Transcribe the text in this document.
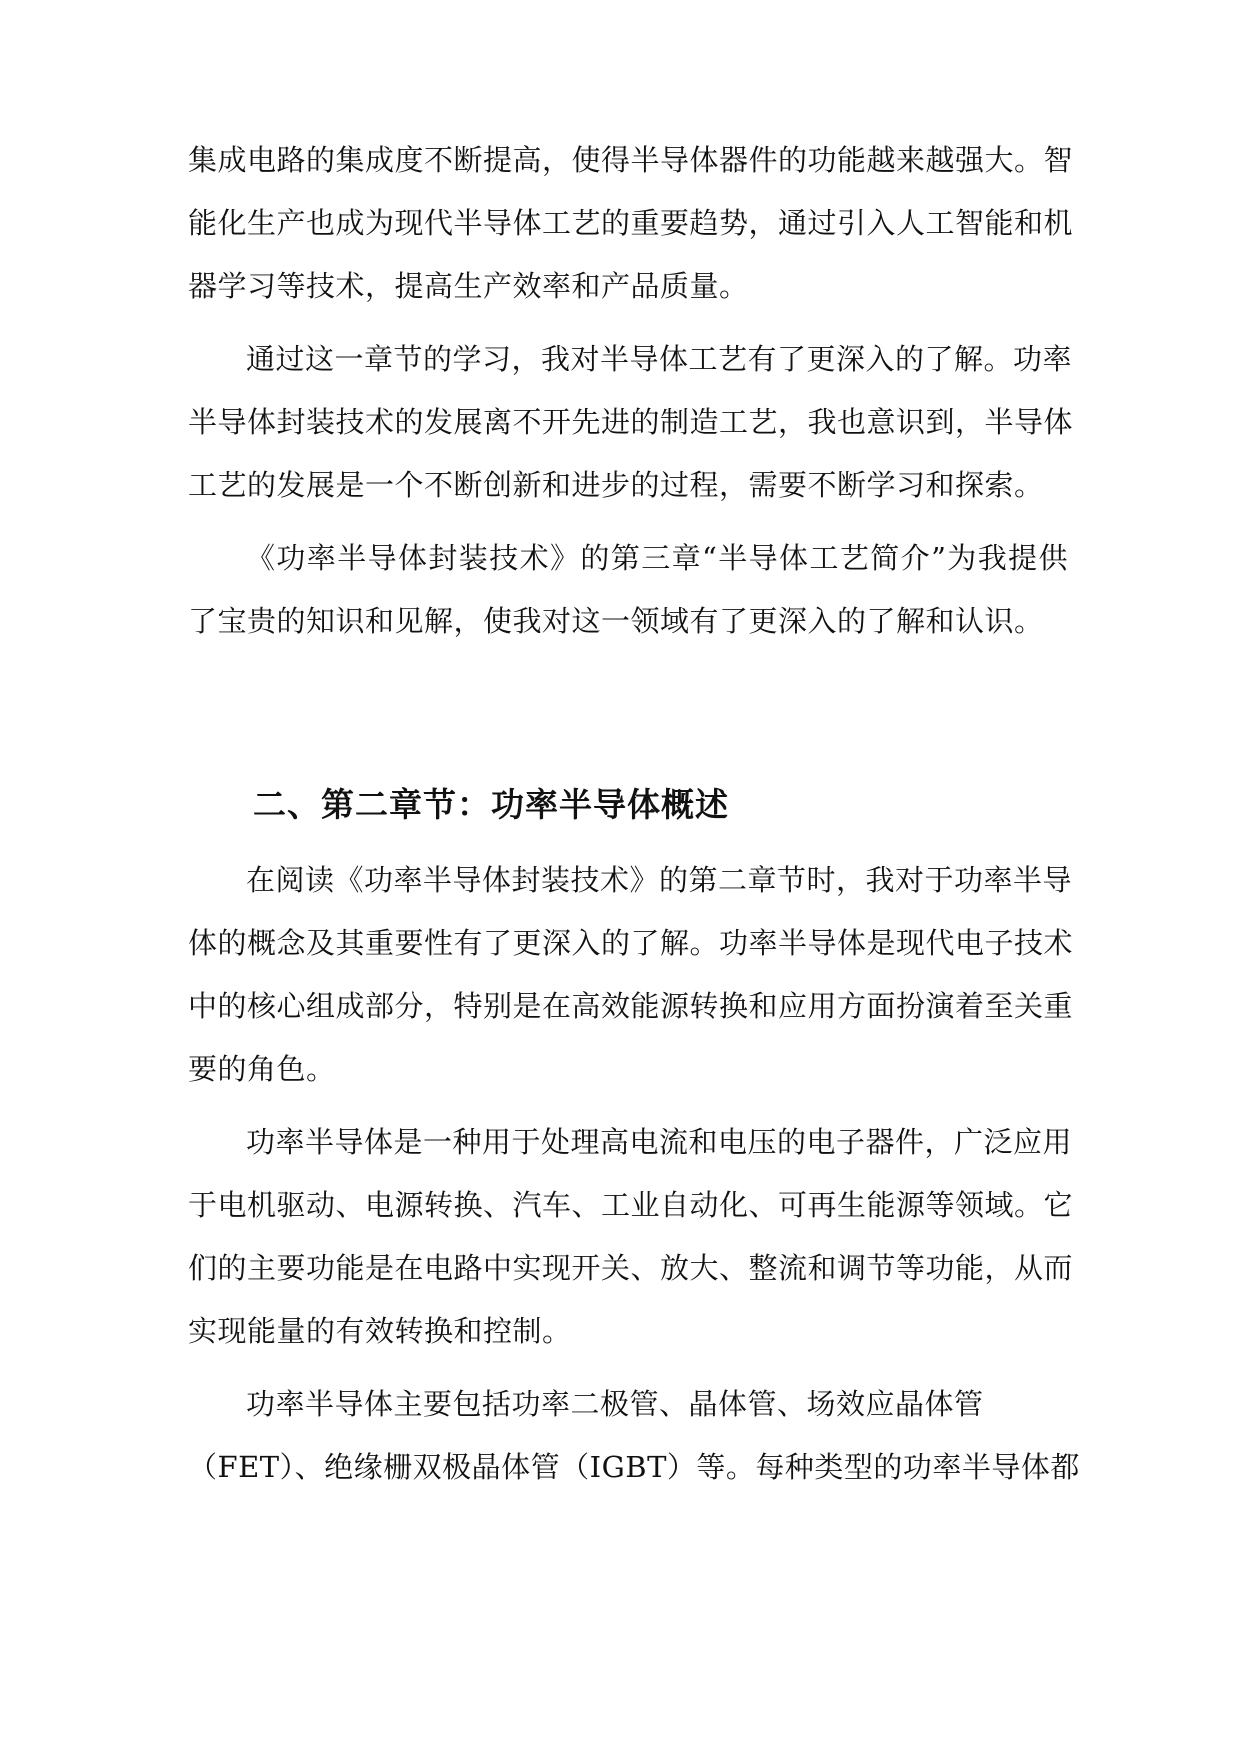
集成电路的集成度不断提高，使得半导体器件的功能越来越强大。智
能化生产也成为现代半导体工艺的重要趋势，通过引入人工智能和机
器学习等技术，提高生产效率和产品质量。
通过这一章节的学习，我对半导体工艺有了更深入的了解。功率
半导体封装技术的发展离不开先进的制造工艺，我也意识到，半导体
工艺的发展是一个不断创新和进步的过程，需要不断学习和探索。
《功率半导体封装技术》的第三章“半导体工艺简介”为我提供
了宝贵的知识和见解，使我对这一领域有了更深入的了解和认识。
二、第二章节：功率半导体概述
在阅读《功率半导体封装技术》的第二章节时，我对于功率半导
体的概念及其重要性有了更深入的了解。功率半导体是现代电子技术
中的核心组成部分，特别是在高效能源转换和应用方面扮演着至关重
要的角色。
功率半导体是一种用于处理高电流和电压的电子器件，广泛应用
于电机驱动、电源转换、汽车、工业自动化、可再生能源等领域。它
们的主要功能是在电路中实现开关、放大、整流和调节等功能，从而
实现能量的有效转换和控制。
功率半导体主要包括功率二极管、晶体管、场效应晶体管
（FET）、绝缘栅双极晶体管（IGBT）等。每种类型的功率半导体都
